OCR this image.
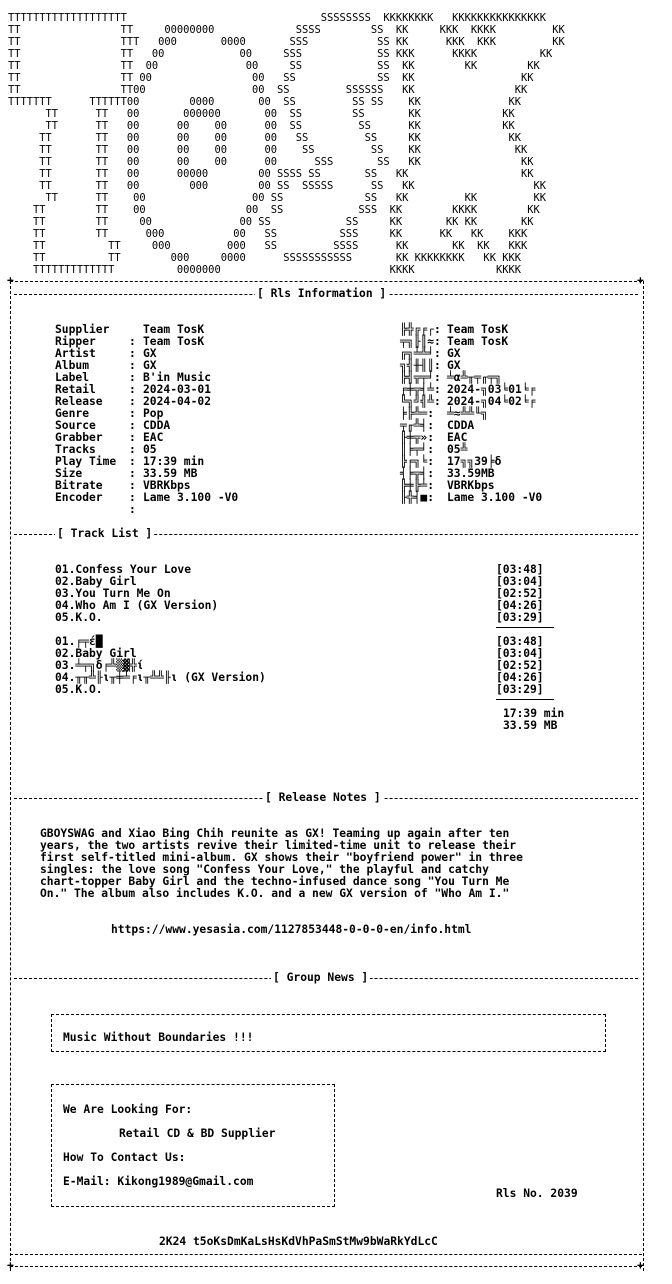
TTTTTTTTTTTTTTTTTTT                               SSSSSSSS  KKKKKKKK   KKKKKKKKKKKKKKK
TT                TT     00000000             SSSS        SS  KK     KKK  KKKK         KK
TT                TTT   000       0000       SSS           SS KK      KKK  KKK         KK
TT                TT   00            00     SSS            SS KKK      KKKK          KK
TT                TT  00              00     SS            SS  KK        KK        KK
TT                TT 00                00   SS             SS  KK                 KK
TT                TT00                 00  SS         SSSSSS   KK                KK
TTTTTTT      TTTTTT00        0000       00  SS         SS SS    KK              KK
TT      TT   00       000000       00  SS        SS       KK             KK
TT      TT   00      00    00      00  SS         SS      KK             KK
TT       TT   00      00    00      00   SS         SS     KK              KK
TT       TT   00      00    00      00    SS         SS    KK               KK
TT       TT   00      00    00      00      SSS       SS   KK                KK
TT       TT   00      00000        00 SSSS SS       SS   KK                  KK
TT       TT   00        000        00 SS  SSSSS      SS   KK                   KK
TT      TT    00                 00 SS             SS   KK         KK         KK
TT        TT    00                00  SS            SSS  KK        KKKK        KK
TT        TT     00              00 SS            SS     KK       KK KK       KK
TT        TT      000           00   SS          SSS     KK      KK   KK    KKK
TT          TT     000         000   SS         SSSS      KK       KK  KK   KKK
TT          TT        000     0000      SSSSSSSSSSS       KK KKKKKKKK   KK KKK
TTTTTTTTTTTTT          0000000                           KKKK             KKKK

+	+
[ Rls Information ]
Supplier
:
Ripper
:
Artist
:
Album
:
Label
:
Retail
:
Release
:
Genre
:
Source
:
Grabber
:
Tracks
:
Play Time
:
Size
:
Bitrate
:
Encoder
:
Team TosK
Team TosK
GX
GX
B'in Music
2024-03-01
2024-04-02
Pop
CDDA
EAC
05
17:39 min
33.59 MB
VBRKbps
Lame 3.100 -V0
╠╬╔╒┌:
╤╗╟║≈:
╔╗╧╩╛:
╗╣╫╢║:
╠╣╦╤╛:
╒╪╦╡╧:
╚╗╝╣╩:
╞╠╩═:
╤╓╩╡:
╟╪╦»:
║╞╤╛:
╠╒╗╘:
╡╞╦╡:
╠╪╠╧:
╟╬╡■:
Team TosK
Team TosK
GX
GX
╧α╩╥╤╓╤╗
2024-╗03╘01╘╒
2024-╗04╘02╘╒
╧≈╩╩╙╗
CDDA
EAC
05╩
17╗╗39╞δ
33.59MB
VBRKbps
Lame 3.100 -V0
[ Track List ]
01.Confess Your Love
02.Baby Girl
03.You Turn Me On
04.Who Am I (GX Version)
05.K.O.
[03:48]
[03:04]
[02:52]
[04:26]
[03:29]
01.╒╤έ█
02.Baby Girl
03.╧╤╗δ╒╩▒▓╬ί
04.╥╥╩╟ι╥╪╧╒ι╥╩╩╟ι (GX Version)
05.K.O.
[03:48]
[03:04]
[02:52]
[04:26]
[03:29]
17:39 min
33.59 MB
[ Release Notes ]
GBOYSWAG and Xiao Bing Chih reunite as GX! Teaming up again after ten
years, the two artists revive their limited-time unit to release their
first self-titled mini-album. GX shows their "boyfriend power" in three
singles: the love song "Confess Your Love," the playful and catchy
chart-topper Baby Girl and the techno-infused dance song "You Turn Me
On." The album also includes K.O. and a new GX version of "Who Am I."
https://www.yesasia.com/1127853448-0-0-0-en/info.html
[ Group News ]
Music Without Boundaries !!!
We Are Looking For:
Retail CD & BD Supplier
How To Contact Us:
E-Mail: Kikong1989@Gmail.com
Rls No. 2039
2K24 t5oKsDmKaLsHsKdVhPaSmStMw9bWaRkYdLcC
+	+
